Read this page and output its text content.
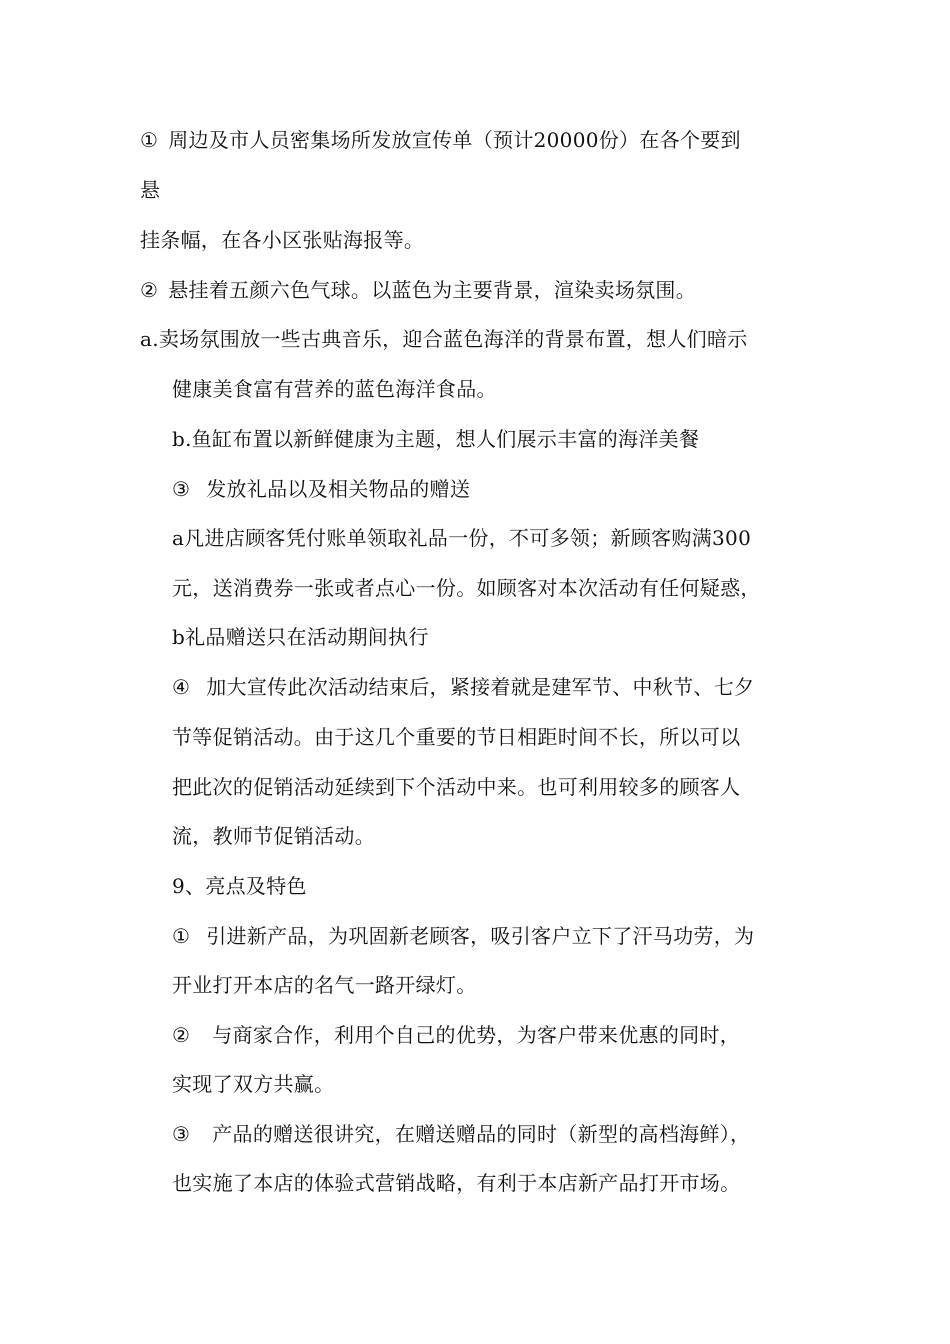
① 周边及市人员密集场所发放宣传单（预计20000份）在各个要到
悬
挂条幅，在各小区张贴海报等。
② 悬挂着五颜六色气球。以蓝色为主要背景，渲染卖场氛围。
a.卖场氛围放一些古典音乐，迎合蓝色海洋的背景布置，想人们暗示
健康美食富有营养的蓝色海洋食品。
b.鱼缸布置以新鲜健康为主题，想人们展示丰富的海洋美餐
③ 发放礼品以及相关物品的赠送
a凡进店顾客凭付账单领取礼品一份，不可多领；新顾客购满300
元，送消费券一张或者点心一份。如顾客对本次活动有任何疑惑，
b礼品赠送只在活动期间执行
④ 加大宣传此次活动结束后，紧接着就是建军节、中秋节、七夕
节等促销活动。由于这几个重要的节日相距时间不长，所以可以
把此次的促销活动延续到下个活动中来。也可利用较多的顾客人
流，教师节促销活动。
9、亮点及特色
① 引进新产品，为巩固新老顾客，吸引客户立下了汗马功劳，为
开业打开本店的名气一路开绿灯。
② 与商家合作，利用个自己的优势，为客户带来优惠的同时，
实现了双方共赢。
③ 产品的赠送很讲究，在赠送赠品的同时（新型的高档海鲜），
也实施了本店的体验式营销战略，有利于本店新产品打开市场。
